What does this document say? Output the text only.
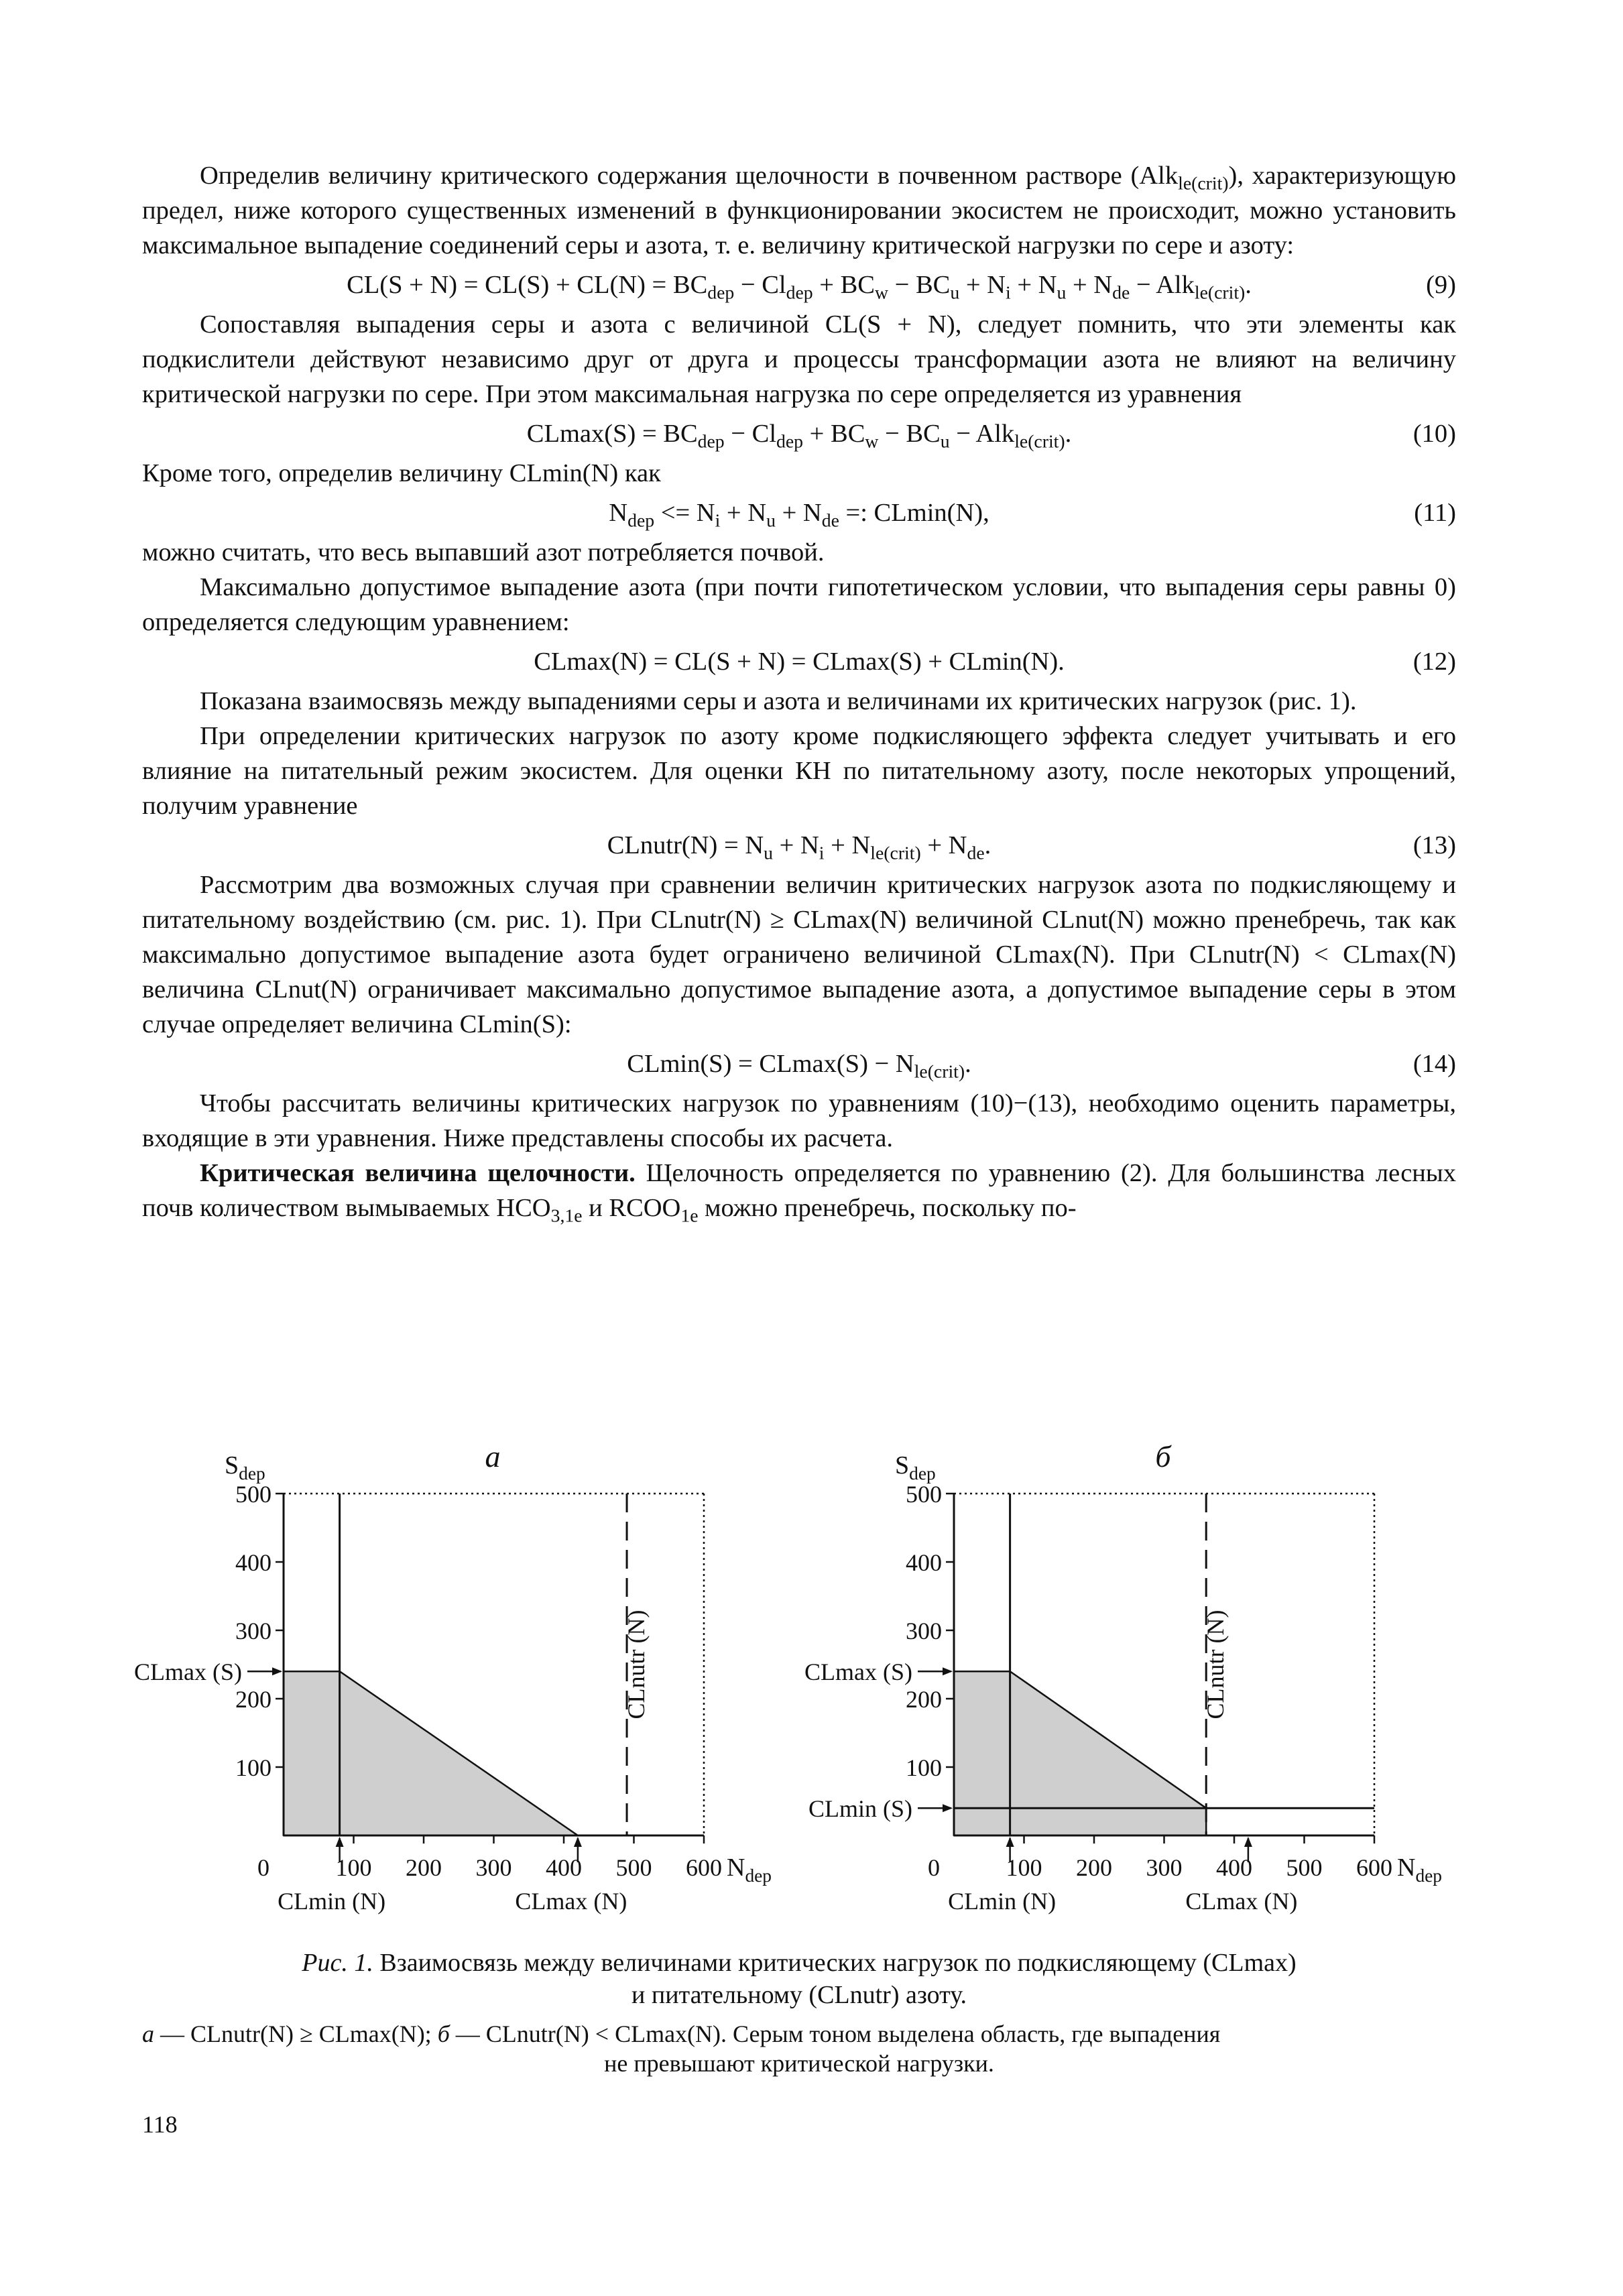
Определив величину критического содержания щелочности в почвенном растворе (Alk$_{le(crit)}$), характеризующую предел, ниже которого существенных изменений в функционировании экосистем не происходит, можно установить максимальное выпадение соединений серы и азота, т. е. величину критической нагрузки по сере и азоту:

$CL(S + N) = CL(S) + CL(N) = BC_{dep} - Cl_{dep} + BC_w - BC_u + N_i + N_u + N_{de} - Alk_{le(crit)}$.	(9)

Сопоставляя выпадения серы и азота с величиной CL(S + N), следует помнить, что эти элементы как подкислители действуют независимо друг от друга и процессы трансформации азота не влияют на величину критической нагрузки по сере. При этом максимальная нагрузка по сере определяется из уравнения

$CLmax(S) = BC_{dep} - Cl_{dep} + BC_w - BC_u - Alk_{le(crit)}$.	(10)

Кроме того, определив величину CLmin(N) как

$N_{dep} <= N_i + N_u + N_{de}$ =: CLmin(N),	(11)

можно считать, что весь выпавший азот потребляется почвой.

Максимально допустимое выпадение азота (при почти гипотетическом условии, что выпадения серы равны 0) определяется следующим уравнением:

CLmax(N) = CL(S + N) = CLmax(S) + CLmin(N).	(12)

Показана взаимосвязь между выпадениями серы и азота и величинами их критических нагрузок (рис. 1).

При определении критических нагрузок по азоту кроме подкисляющего эффекта следует учитывать и его влияние на питательный режим экосистем. Для оценки КН по питательному азоту, после некоторых упрощений, получим уравнение

CLnutr(N) = $N_u + N_i + N_{le(crit)} + N_{de}$.	(13)

Рассмотрим два возможных случая при сравнении величин критических нагрузок азота по подкисляющему и питательному воздействию (см. рис. 1). При CLnutr(N) ≥ CLmax(N) величиной CLnut(N) можно пренебречь, так как максимально допустимое выпадение азота будет ограничено величиной CLmax(N). При CLnutr(N) < CLmax(N) величина CLnut(N) ограничивает максимально допустимое выпадение азота, а допустимое выпадение серы в этом случае определяет величина CLmin(S):

$CLmin(S) = CLmax(S) - N_{le(crit)}$.	(14)

Чтобы рассчитать величины критических нагрузок по уравнениям (10)−(13), необходимо оценить параметры, входящие в эти уравнения. Ниже представлены способы их расчета.

Критическая величина щелочности. Щелочность определяется по уравнению (2). Для большинства лесных почв количеством вымываемых $HCO_{3,1e}$ и $RCOO_{1e}$ можно пренебречь, поскольку по-

100
200
300
400
500
0	100 200 300 400 500 600
$S_{dep}$
$N_{dep}$
а
CLnutr (N)
CLmax (S)
CLmin (N)	CLmax (N)
100
200
300
400
500
0	100 200 300 400 500 600
$S_{dep}$
$N_{dep}$
б
CLnutr (N)
CLmin (S)
CLmax (S)
CLmin (N)	CLmax (N)
Рис. 1. Взаимосвязь между величинами критических нагрузок по подкисляющему (CLmax)
и питательному (CLnutr) азоту.

а — CLnutr(N) ≥ CLmax(N); б — CLnutr(N) < CLmax(N). Серым тоном выделена область, где выпадения

не превышают критической нагрузки.

118
